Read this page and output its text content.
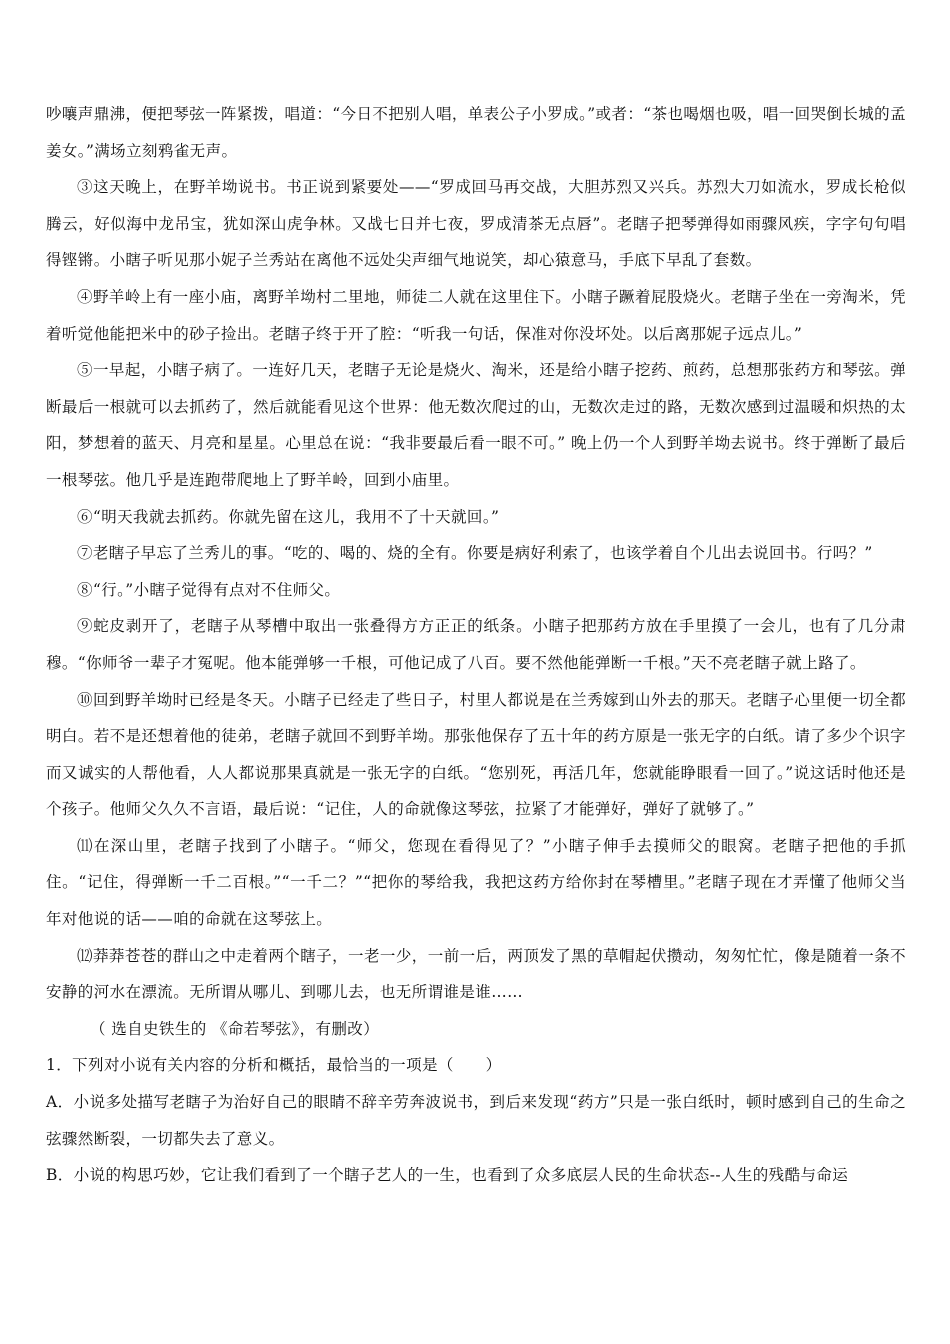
吵嚷声鼎沸，便把琴弦一阵紧拨，唱道：“今日不把别人唱，单表公子小罗成。”或者：“茶也喝烟也吸，唱一回哭倒长城的孟姜女。”满场立刻鸦雀无声。

③这天晚上，在野羊坳说书。书正说到紧要处——“罗成回马再交战，大胆苏烈又兴兵。苏烈大刀如流水，罗成长枪似腾云，好似海中龙吊宝，犹如深山虎争林。又战七日并七夜，罗成清茶无点唇”。老瞎子把琴弹得如雨骤风疾，字字句句唱得铿锵。小瞎子听见那小妮子兰秀站在离他不远处尖声细气地说笑，却心猿意马，手底下早乱了套数。

④野羊岭上有一座小庙，离野羊坳村二里地，师徒二人就在这里住下。小瞎子蹶着屁股烧火。老瞎子坐在一旁淘米，凭着听觉他能把米中的砂子捡出。老瞎子终于开了腔：“听我一句话，保准对你没坏处。以后离那妮子远点儿。”

⑤一早起，小瞎子病了。一连好几天，老瞎子无论是烧火、淘米，还是给小瞎子挖药、煎药，总想那张药方和琴弦。弹断最后一根就可以去抓药了，然后就能看见这个世界：他无数次爬过的山，无数次走过的路，无数次感到过温暖和炽热的太阳，梦想着的蓝天、月亮和星星。心里总在说：“我非要最后看一眼不可。” 晚上仍一个人到野羊坳去说书。终于弹断了最后一根琴弦。他几乎是连跑带爬地上了野羊岭，回到小庙里。

⑥“明天我就去抓药。你就先留在这儿，我用不了十天就回。”

⑦老瞎子早忘了兰秀儿的事。“吃的、喝的、烧的全有。你要是病好利索了，也该学着自个儿出去说回书。行吗？”

⑧“行。”小瞎子觉得有点对不住师父。

⑨蛇皮剥开了，老瞎子从琴槽中取出一张叠得方方正正的纸条。小瞎子把那药方放在手里摸了一会儿，也有了几分肃穆。“你师爷一辈子才冤呢。他本能弹够一千根，可他记成了八百。要不然他能弹断一千根。”天不亮老瞎子就上路了。

⑩回到野羊坳时已经是冬天。小瞎子已经走了些日子，村里人都说是在兰秀嫁到山外去的那天。老瞎子心里便一切全都明白。若不是还想着他的徒弟，老瞎子就回不到野羊坳。那张他保存了五十年的药方原是一张无字的白纸。请了多少个识字而又诚实的人帮他看，人人都说那果真就是一张无字的白纸。“您别死，再活几年，您就能睁眼看一回了。”说这话时他还是个孩子。他师父久久不言语，最后说：“记住，人的命就像这琴弦，拉紧了才能弹好，弹好了就够了。”

⑾在深山里，老瞎子找到了小瞎子。“师父，您现在看得见了？”小瞎子伸手去摸师父的眼窝。老瞎子把他的手抓住。“记住，得弹断一千二百根。”“一千二？”“把你的琴给我，我把这药方给你封在琴槽里。”老瞎子现在才弄懂了他师父当年对他说的话——咱的命就在这琴弦上。

⑿莽莽苍苍的群山之中走着两个瞎子，一老一少，一前一后，两顶发了黑的草帽起伏攒动，匆匆忙忙，像是随着一条不安静的河水在漂流。无所谓从哪儿、到哪儿去，也无所谓谁是谁……

（ 选自史铁生的 《命若琴弦》，有删改）

1．下列对小说有关内容的分析和概括，最恰当的一项是（　　）

A．小说多处描写老瞎子为治好自己的眼睛不辞辛劳奔波说书，到后来发现“药方”只是一张白纸时，顿时感到自己的生命之弦骤然断裂，一切都失去了意义。

B．小说的构思巧妙，它让我们看到了一个瞎子艺人的一生，也看到了众多底层人民的生命状态--人生的残酷与命运
